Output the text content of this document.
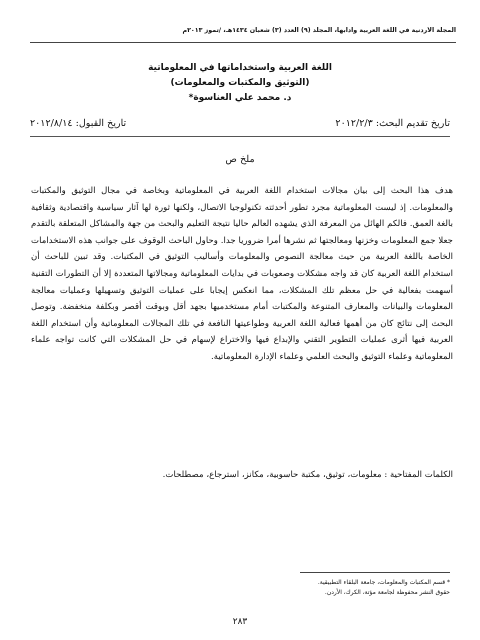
المجلة الأردنية في اللغة العربية وآدابها، المجلد (٩) العدد (٣) شعبان ١٤٣٤هـ، /تموز ٢٠١٣م
اللغة العربية واستخداماتها في المعلوماتية
(التوثيق والمكتبات والمعلومات)
د. محمد علي العناسوة*
تاريخ تقديم البحث: ٢٠١٢/٢/٣
تاريخ القبول: ٢٠١٢/٨/١٤
ملخ ص
هدف هذا البحث إلى بيان مجالات استخدام اللغة العربية في المعلوماتية وبخاصة في مجال التوثيق والمكتبات والمعلومات. إذ ليست المعلوماتية مجرد تطور أحدثته تكنولوجيا الاتصال، ولكنها ثورة لها آثار سياسية واقتصادية وثقافية بالغة العمق. فالكم الهائل من المعرفة الذي يشهده العالم حاليا نتيجة التعليم والبحث من جهة والمشاكل المتعلقة بالتقدم جعلا جمع المعلومات وخزنها ومعالجتها ثم نشرها أمرا ضروريا جدا. وحاول الباحث الوقوف على جوانب هذه الاستخدامات الخاصة باللغة العربية من حيث معالجة النصوص والمعلومات وأساليب التوثيق في المكتبات. وقد تبين للباحث أن استخدام اللغة العربية كان قد واجه مشكلات وصعوبات في بدايات المعلوماتية ومجالاتها المتعددة إلا أن التطورات التقنية أسهمت بفعالية في حل معظم تلك المشكلات، مما انعكس إيجابا على عمليات التوثيق وتسهيلها وعمليات معالجة المعلومات والبيانات والمعارف المتنوعة والمكتبات أمام مستخدميها بجهد أقل وبوقت أقصر وبكلفة منخفضة. وتوصل البحث إلى نتائج كان من أهمها فعالية اللغة العربية وطواعيتها النافعة في تلك المجالات المعلوماتية وأن استخدام اللغة العربية فيها أثرى عمليات التطوير التقني والإبداع فيها والاختراع لإسهام في حل المشكلات التي كانت تواجه علماء المعلوماتية وعلماء التوثيق والبحث العلمي وعلماء الإدارة المعلوماتية.
الكلمات المفتاحية : معلومات، توثيق، مكتبة حاسوبية، مكانز، استرجاع، مصطلحات.
* قسم المكتبات والمعلومات، جامعة البلقاء التطبيقية.
حقوق النشر محفوظة لجامعة مؤتة، الكرك، الأردن.
٢٨٣
